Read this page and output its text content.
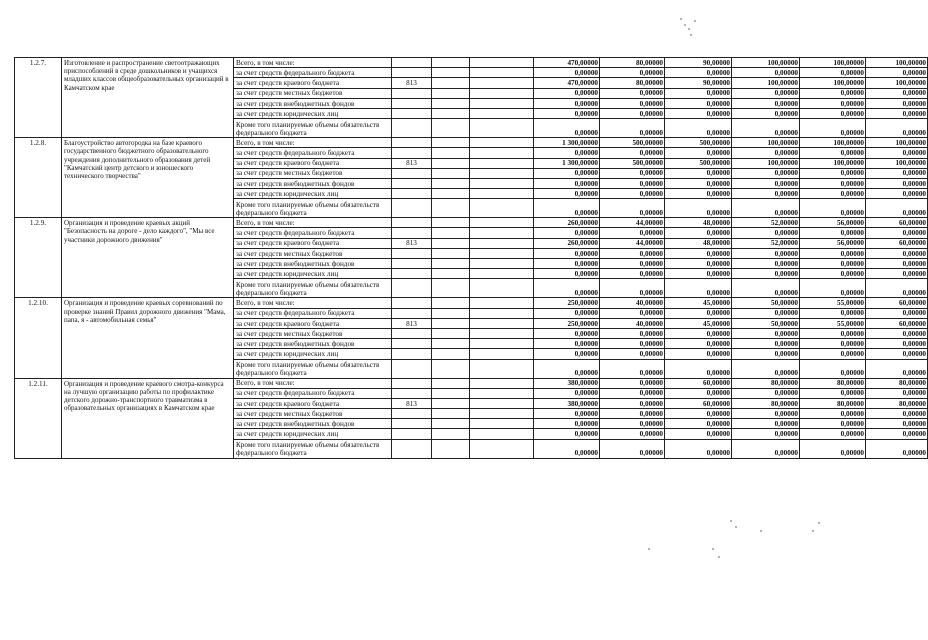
1.2.7.	Изготовление и распространение светоотражающих приспособлений в среде дошкольников и учащихся младших классов общеобразовательных организаций в Камчатском крае	Всего, в том числе:				470,00000	80,00000	90,00000	100,00000	100,00000	100,00000
		за счет средств федерального бюджета				0,00000	0,00000	0,00000	0,00000	0,00000	0,00000
		за счет средств краевого бюджета	813			470,00000	80,00000	90,00000	100,00000	100,00000	100,00000
		за счет средств местных бюджетов				0,00000	0,00000	0,00000	0,00000	0,00000	0,00000
		за счет средств внебюджетных фондов				0,00000	0,00000	0,00000	0,00000	0,00000	0,00000
		за счет средств юридических лиц				0,00000	0,00000	0,00000	0,00000	0,00000	0,00000
		Кроме того планируемые объемы обязательств федерального бюджета				0,00000	0,00000	0,00000	0,00000	0,00000	0,00000
1.2.8.	Благоустройство автогородка на базе краевого государственного бюджетного образовательного учреждения дополнительного образования детей "Камчатский центр детского и юношеского технического творчества"	Всего, в том числе:				1 300,00000	500,00000	500,00000	100,00000	100,00000	100,00000
		за счет средств федерального бюджета				0,00000	0,00000	0,00000	0,00000	0,00000	0,00000
		за счет средств краевого бюджета	813			1 300,00000	500,00000	500,00000	100,00000	100,00000	100,00000
		за счет средств местных бюджетов				0,00000	0,00000	0,00000	0,00000	0,00000	0,00000
		за счет средств внебюджетных фондов				0,00000	0,00000	0,00000	0,00000	0,00000	0,00000
		за счет средств юридических лиц				0,00000	0,00000	0,00000	0,00000	0,00000	0,00000
		Кроме того планируемые объемы обязательств федерального бюджета				0,00000	0,00000	0,00000	0,00000	0,00000	0,00000
1.2.9.	Организация и проведение краевых акций "Безопасность на дороге - дело каждого", "Мы все участники дорожного движения"	Всего, в том числе:				260,00000	44,00000	48,00000	52,00000	56,00000	60,00000
		за счет средств федерального бюджета				0,00000	0,00000	0,00000	0,00000	0,00000	0,00000
		за счет средств краевого бюджета	813			260,00000	44,00000	48,00000	52,00000	56,00000	60,00000
		за счет средств местных бюджетов				0,00000	0,00000	0,00000	0,00000	0,00000	0,00000
		за счет средств внебюджетных фондов				0,00000	0,00000	0,00000	0,00000	0,00000	0,00000
		за счет средств юридических лиц				0,00000	0,00000	0,00000	0,00000	0,00000	0,00000
		Кроме того планируемые объемы обязательств федерального бюджета				0,00000	0,00000	0,00000	0,00000	0,00000	0,00000
1.2.10.	Организация и проведение краевых соревнований по проверке знаний Правил дорожного движения "Мама, папа, я - автомобильная семья"	Всего, в том числе:				250,00000	40,00000	45,00000	50,00000	55,00000	60,00000
		за счет средств федерального бюджета				0,00000	0,00000	0,00000	0,00000	0,00000	0,00000
		за счет средств краевого бюджета	813			250,00000	40,00000	45,00000	50,00000	55,00000	60,00000
		за счет средств местных бюджетов				0,00000	0,00000	0,00000	0,00000	0,00000	0,00000
		за счет средств внебюджетных фондов				0,00000	0,00000	0,00000	0,00000	0,00000	0,00000
		за счет средств юридических лиц				0,00000	0,00000	0,00000	0,00000	0,00000	0,00000
		Кроме того планируемые объемы обязательств федерального бюджета				0,00000	0,00000	0,00000	0,00000	0,00000	0,00000
1.2.11.	Организация и проведение краевого смотра-конкурса на лучшую организацию работы по профилактике детского дорожно-транспортного травматизма в образовательных организациях в Камчатском крае	Всего, в том числе:				380,00000	0,00000	60,00000	80,00000	80,00000	80,00000
		за счет средств федерального бюджета				0,00000	0,00000	0,00000	0,00000	0,00000	0,00000
		за счет средств краевого бюджета	813			380,00000	0,00000	60,00000	80,00000	80,00000	80,00000
		за счет средств местных бюджетов				0,00000	0,00000	0,00000	0,00000	0,00000	0,00000
		за счет средств внебюджетных фондов				0,00000	0,00000	0,00000	0,00000	0,00000	0,00000
		за счет средств юридических лиц				0,00000	0,00000	0,00000	0,00000	0,00000	0,00000
		Кроме того планируемые объемы обязательств федерального бюджета				0,00000	0,00000	0,00000	0,00000	0,00000	0,00000
